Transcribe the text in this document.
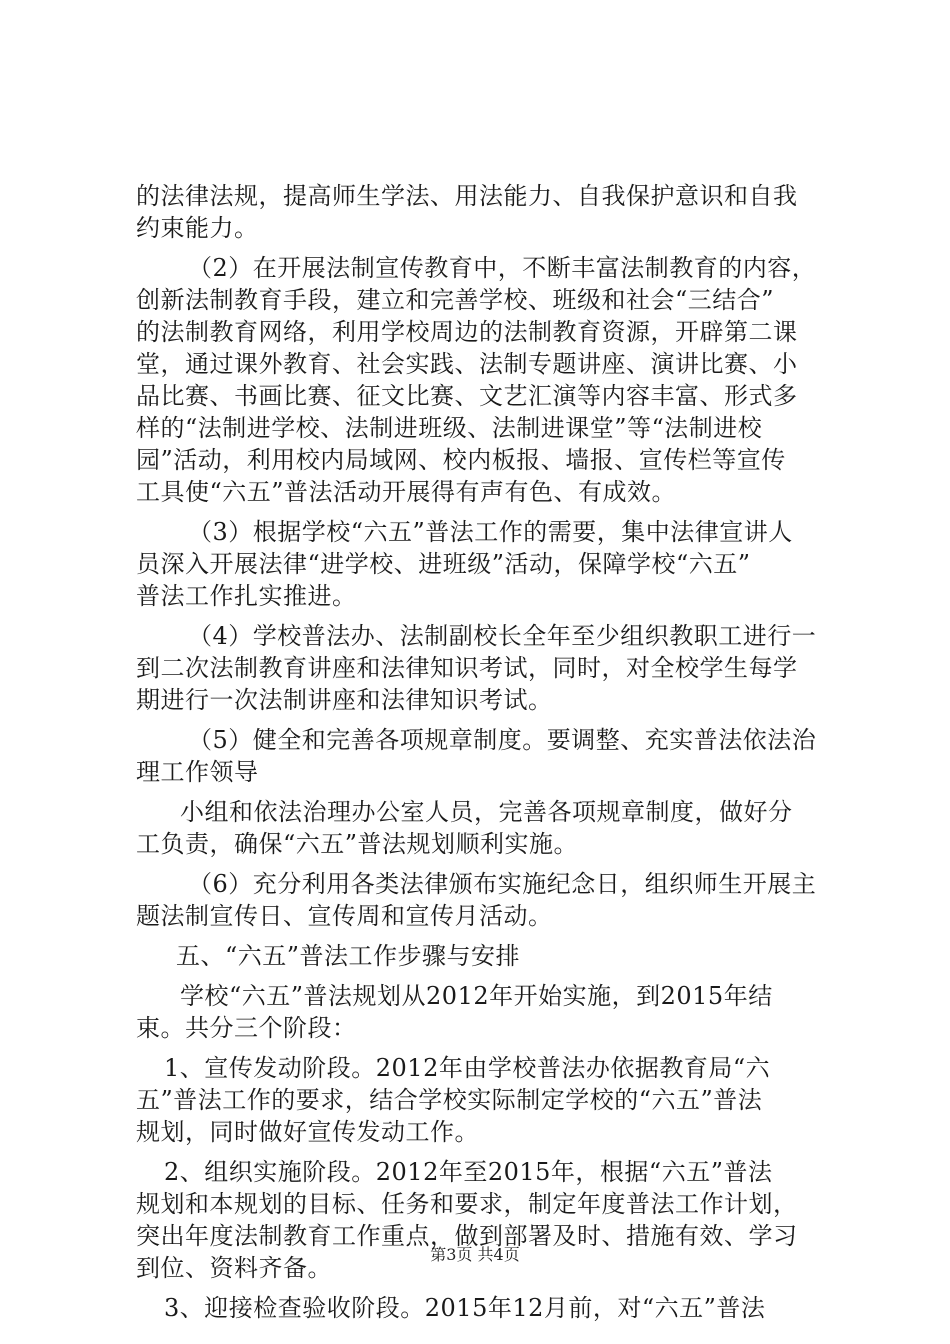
的法律法规，提高师生学法、用法能力、自我保护意识和自我
约束能力。
（2）在开展法制宣传教育中，不断丰富法制教育的内容，
创新法制教育手段，建立和完善学校、班级和社会“三结合”
的法制教育网络，利用学校周边的法制教育资源，开辟第二课
堂，通过课外教育、社会实践、法制专题讲座、演讲比赛、小
品比赛、书画比赛、征文比赛、文艺汇演等内容丰富、形式多
样的“法制进学校、法制进班级、法制进课堂”等“法制进校
园”活动，利用校内局域网、校内板报、墙报、宣传栏等宣传
工具使“六五”普法活动开展得有声有色、有成效。
（3）根据学校“六五”普法工作的需要，集中法律宣讲人
员深入开展法律“进学校、进班级”活动，保障学校“六五”
普法工作扎实推进。
（4）学校普法办、法制副校长全年至少组织教职工进行一
到二次法制教育讲座和法律知识考试，同时，对全校学生每学
期进行一次法制讲座和法律知识考试。
（5）健全和完善各项规章制度。要调整、充实普法依法治
理工作领导
小组和依法治理办公室人员，完善各项规章制度，做好分
工负责，确保“六五”普法规划顺利实施。
（6）充分利用各类法律颁布实施纪念日，组织师生开展主
题法制宣传日、宣传周和宣传月活动。
五、“六五”普法工作步骤与安排
学校“六五”普法规划从2012年开始实施，到2015年结
束。共分三个阶段：
1、宣传发动阶段。2012年由学校普法办依据教育局“六
五”普法工作的要求，结合学校实际制定学校的“六五”普法
规划，同时做好宣传发动工作。
2、组织实施阶段。2012年至2015年，根据“六五”普法
规划和本规划的目标、任务和要求，制定年度普法工作计划，
突出年度法制教育工作重点，做到部署及时、措施有效、学习
到位、资料齐备。
3、迎接检查验收阶段。2015年12月前，对“六五”普法
第3页 共4页
